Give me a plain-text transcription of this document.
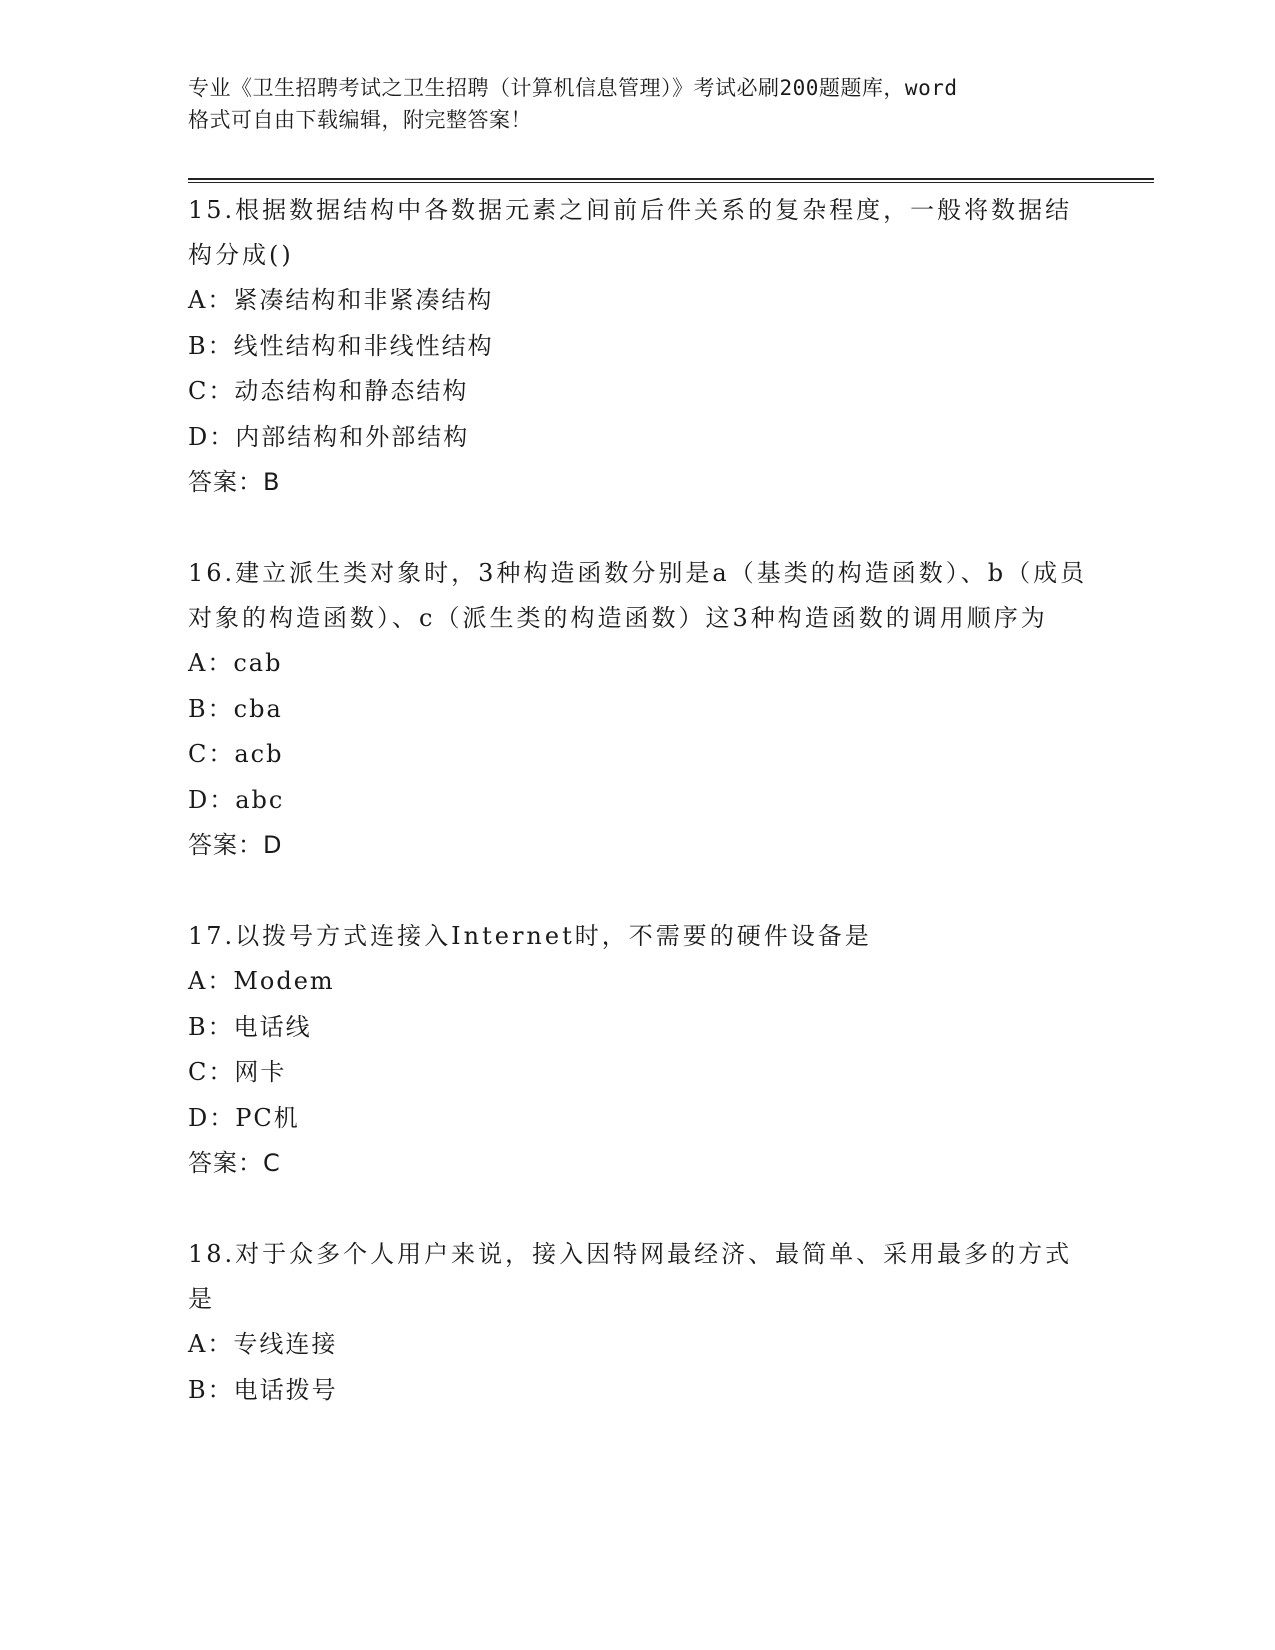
专业《卫生招聘考试之卫生招聘（计算机信息管理）》考试必刷200题题库，word
格式可自由下载编辑，附完整答案！
15.根据数据结构中各数据元素之间前后件关系的复杂程度，一般将数据结构分成()
A：紧凑结构和非紧凑结构
B：线性结构和非线性结构
C：动态结构和静态结构
D：内部结构和外部结构
答案：B
16.建立派生类对象时，3种构造函数分别是a（基类的构造函数）、b（成员对象的构造函数）、c（派生类的构造函数）这3种构造函数的调用顺序为
A：cab
B：cba
C：acb
D：abc
答案：D
17.以拨号方式连接入Internet时，不需要的硬件设备是
A：Modem
B：电话线
C：网卡
D：PC机
答案：C
18.对于众多个人用户来说，接入因特网最经济、最简单、采用最多的方式是
A：专线连接
B：电话拨号
